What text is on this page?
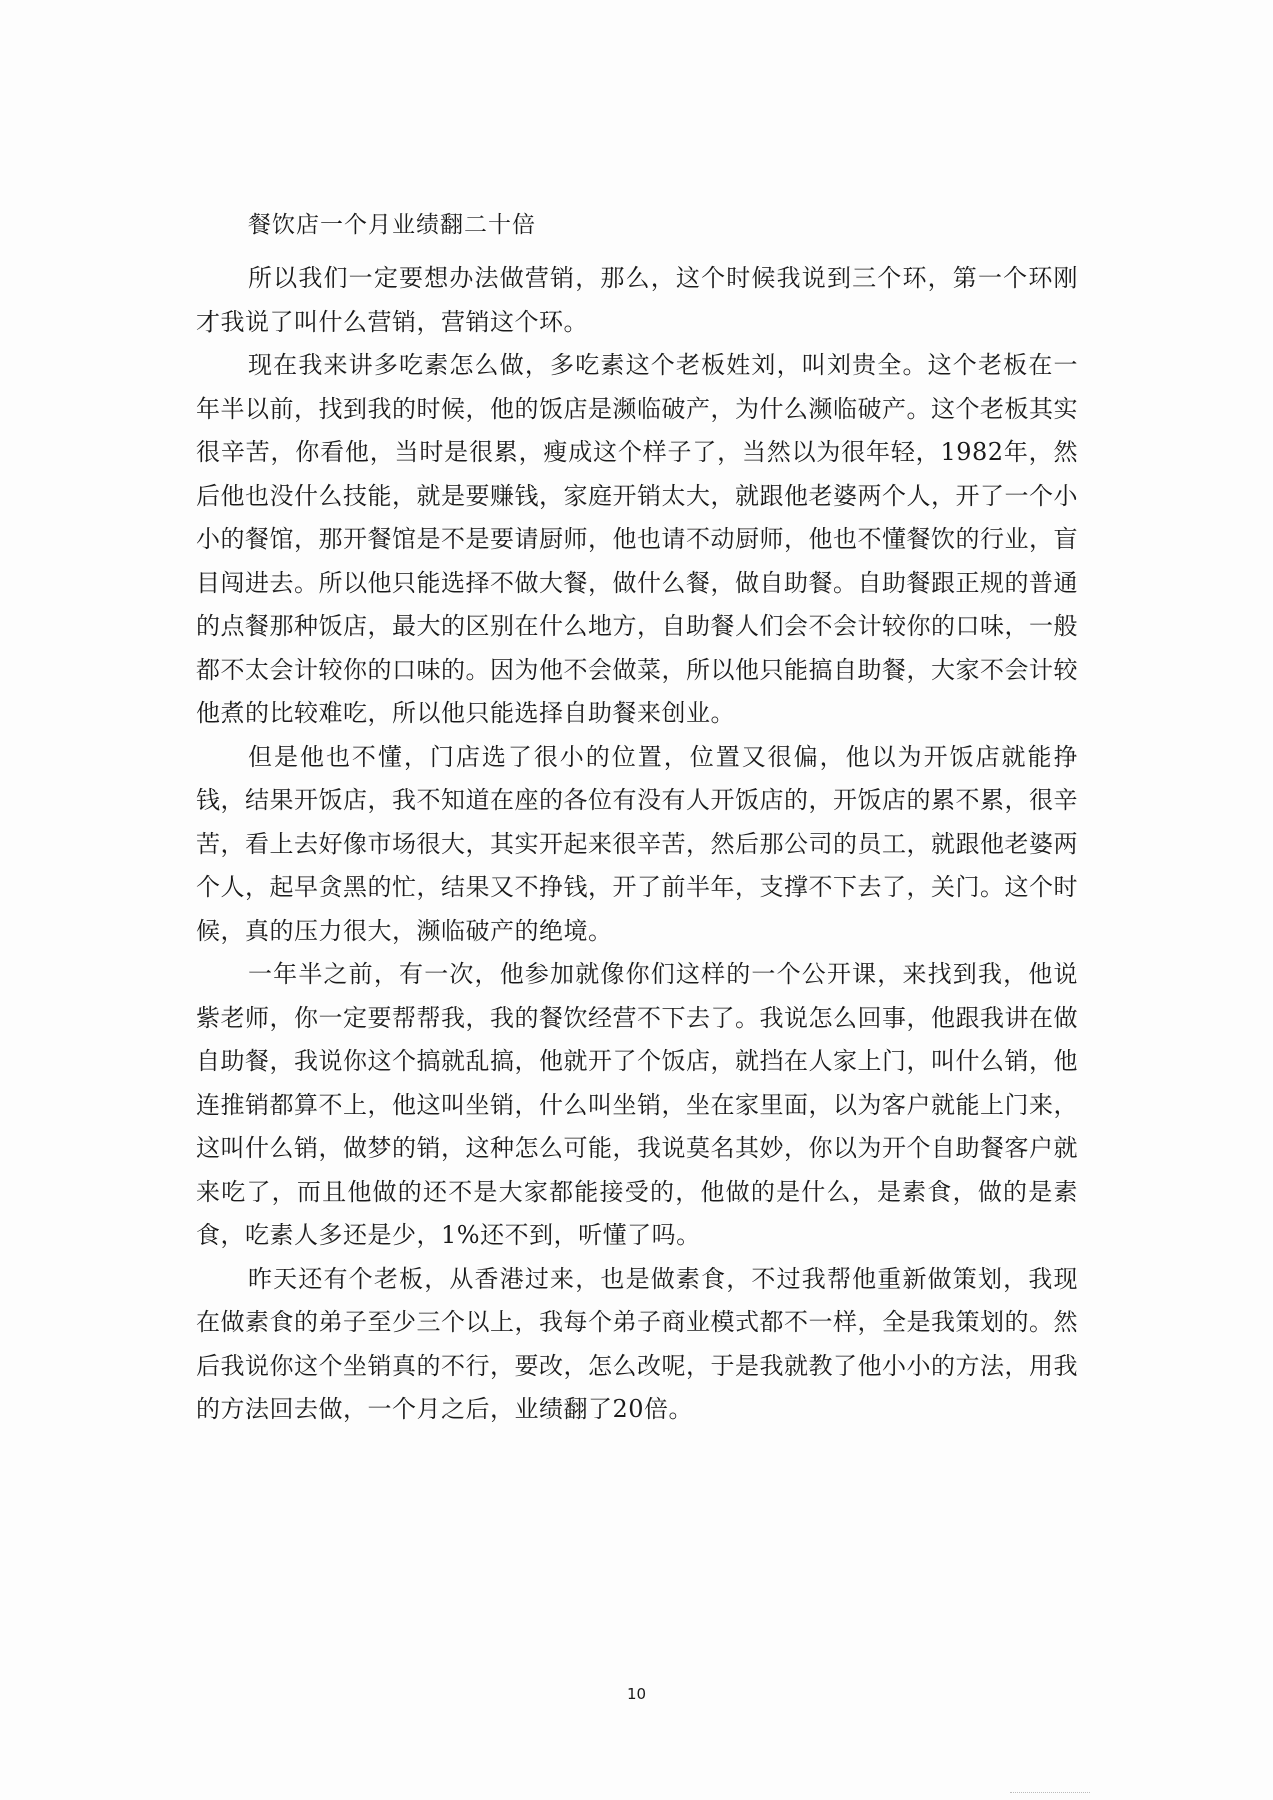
餐饮店一个月业绩翻二十倍

所以我们一定要想办法做营销，那么，这个时候我说到三个环，第一个环刚才我说了叫什么营销，营销这个环。

现在我来讲多吃素怎么做，多吃素这个老板姓刘，叫刘贵全。这个老板在一年半以前，找到我的时候，他的饭店是濒临破产，为什么濒临破产。这个老板其实很辛苦，你看他，当时是很累，瘦成这个样子了，当然以为很年轻，1982年，然后他也没什么技能，就是要赚钱，家庭开销太大，就跟他老婆两个人，开了一个小小的餐馆，那开餐馆是不是要请厨师，他也请不动厨师，他也不懂餐饮的行业，盲目闯进去。所以他只能选择不做大餐，做什么餐，做自助餐。自助餐跟正规的普通的点餐那种饭店，最大的区别在什么地方，自助餐人们会不会计较你的口味，一般都不太会计较你的口味的。因为他不会做菜，所以他只能搞自助餐，大家不会计较他煮的比较难吃，所以他只能选择自助餐来创业。

但是他也不懂，门店选了很小的位置，位置又很偏，他以为开饭店就能挣钱，结果开饭店，我不知道在座的各位有没有人开饭店的，开饭店的累不累，很辛苦，看上去好像市场很大，其实开起来很辛苦，然后那公司的员工，就跟他老婆两个人，起早贪黑的忙，结果又不挣钱，开了前半年，支撑不下去了，关门。这个时候，真的压力很大，濒临破产的绝境。

一年半之前，有一次，他参加就像你们这样的一个公开课，来找到我，他说紫老师，你一定要帮帮我，我的餐饮经营不下去了。我说怎么回事，他跟我讲在做自助餐，我说你这个搞就乱搞，他就开了个饭店，就挡在人家上门，叫什么销，他连推销都算不上，他这叫坐销，什么叫坐销，坐在家里面，以为客户就能上门来，这叫什么销，做梦的销，这种怎么可能，我说莫名其妙，你以为开个自助餐客户就来吃了，而且他做的还不是大家都能接受的，他做的是什么，是素食，做的是素食，吃素人多还是少，1%还不到，听懂了吗。

昨天还有个老板，从香港过来，也是做素食，不过我帮他重新做策划，我现在做素食的弟子至少三个以上，我每个弟子商业模式都不一样，全是我策划的。然后我说你这个坐销真的不行，要改，怎么改呢，于是我就教了他小小的方法，用我的方法回去做，一个月之后，业绩翻了20倍。

10
